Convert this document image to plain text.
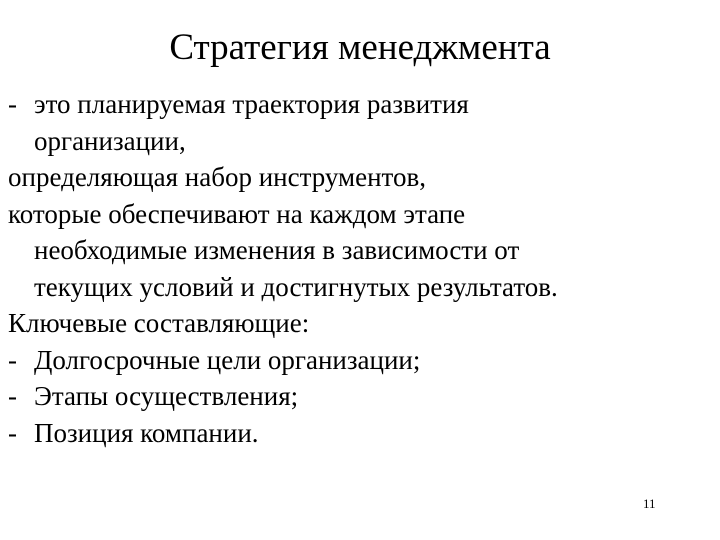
Стратегия менеджмента
- это планируемая траектория развития
организации,
определяющая набор инструментов,
которые обеспечивают на каждом этапе
необходимые изменения в зависимости от
текущих условий и достигнутых результатов.
Ключевые составляющие:
- Долгосрочные цели организации;
- Этапы осуществления;
- Позиция компании.
11
